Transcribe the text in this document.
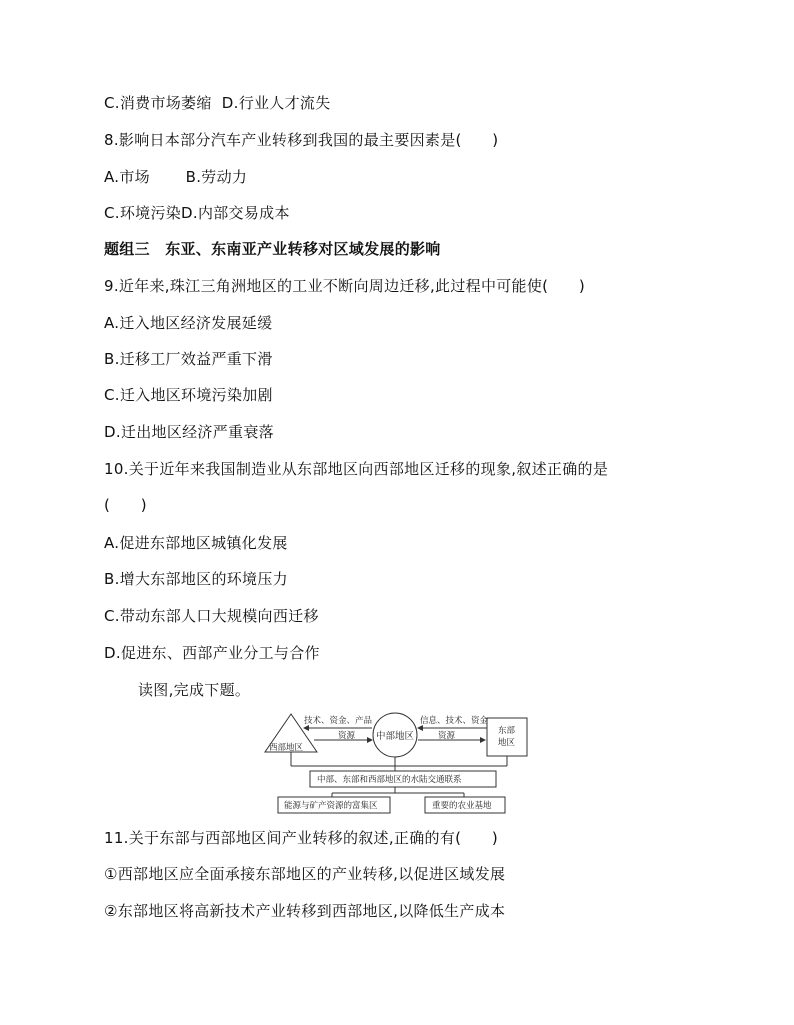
C.消费市场萎缩  D.行业人才流失
8.影响日本部分汽车产业转移到我国的最主要因素是(　　)
A.市场　　 B.劳动力
C.环境污染D.内部交易成本
题组三　东亚、东南亚产业转移对区域发展的影响
9.近年来,珠江三角洲地区的工业不断向周边迁移,此过程中可能使(　　)
A.迁入地区经济发展延缓
B.迁移工厂效益严重下滑
C.迁入地区环境污染加剧
D.迁出地区经济严重衰落
10.关于近年来我国制造业从东部地区向西部地区迁移的现象,叙述正确的是
(　　)
A.促进东部地区城镇化发展
B.增大东部地区的环境压力
C.带动东部人口大规模向西迁移
D.促进东、西部产业分工与合作
读图,完成下题。
西部地区
中部地区	东部
地区
技术、资金、产品
资源
信息、技术、资金
资源
中部、东部和西部地区的水陆交通联系
能源与矿产资源的富集区	重要的农业基地
11.关于东部与西部地区间产业转移的叙述,正确的有(　　)
①西部地区应全面承接东部地区的产业转移,以促进区域发展
②东部地区将高新技术产业转移到西部地区,以降低生产成本
